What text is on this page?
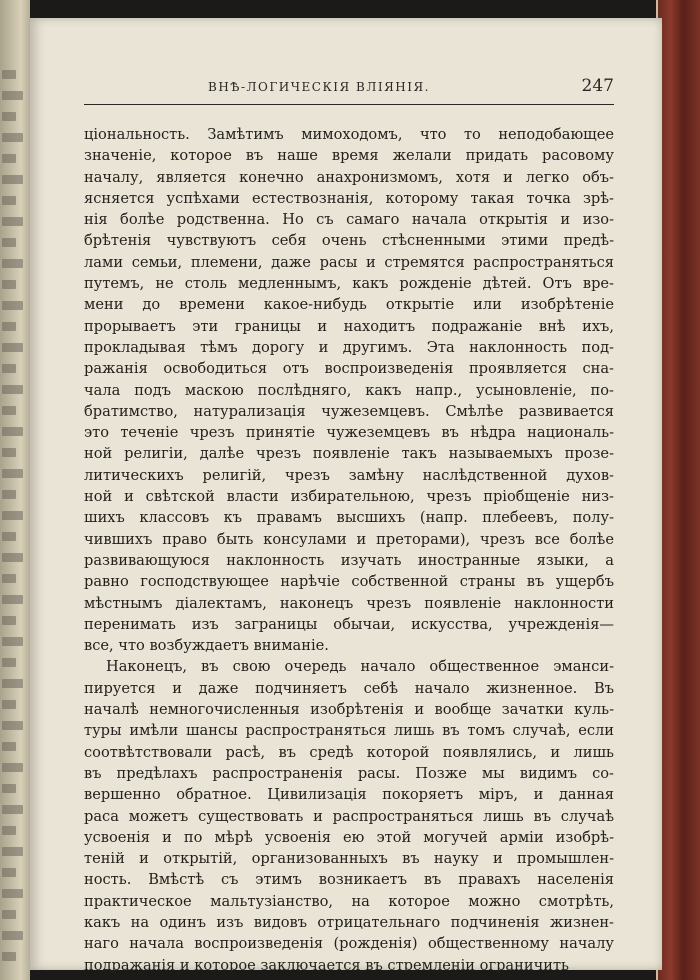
ВНѢ-ЛОГИЧЕСКІЯ ВЛІЯНІЯ.	247
ціональность. Замѣтимъ мимоходомъ, что то неподобающее
значеніе, которое въ наше время желали придать расовому
началу, является конечно анахронизмомъ, хотя и легко объ-
ясняется успѣхами естествознанія, которому такая точка зрѣ-
нія болѣе родственна. Но съ самаго начала открытія и изо-
брѣтенія чувствуютъ себя очень стѣсненными этими предѣ-
лами семьи, племени, даже расы и стремятся распространяться
путемъ, не столь медленнымъ, какъ рожденіе дѣтей. Отъ вре-
мени до времени какое-нибудь открытіе или изобрѣтеніе
прорываетъ эти границы и находитъ подражаніе внѣ ихъ,
прокладывая тѣмъ дорогу и другимъ. Эта наклонность под-
ражанія освободиться отъ воспроизведенія проявляется сна-
чала подъ маскою послѣдняго, какъ напр., усыновленіе, по-
братимство, натурализація чужеземцевъ. Смѣлѣе развивается
это теченіе чрезъ принятіе чужеземцевъ въ нѣдра националь-
ной религіи, далѣе чрезъ появленіе такъ называемыхъ прозе-
литическихъ религій, чрезъ замѣну наслѣдственной духов-
ной и свѣтской власти избирательною, чрезъ пріобщеніе низ-
шихъ классовъ къ правамъ высшихъ (напр. плебеевъ, полу-
чившихъ право быть консулами и преторами), чрезъ все болѣе
развивающуюся наклонность изучать иностранные языки, а
равно господствующее нарѣчіе собственной страны въ ущербъ
мѣстнымъ діалектамъ, наконецъ чрезъ появленіе наклонности
перенимать изъ заграницы обычаи, искусства, учрежденія—
все, что возбуждаетъ вниманіе.
Наконецъ, въ свою очередь начало общественное эманси-
пируется и даже подчиняетъ себѣ начало жизненное. Въ
началѣ немногочисленныя изобрѣтенія и вообще зачатки куль-
туры имѣли шансы распространяться лишь въ томъ случаѣ, если
соотвѣтствовали расѣ, въ средѣ которой появлялись, и лишь
въ предѣлахъ распространенія расы. Позже мы видимъ со-
вершенно обратное. Цивилизація покоряетъ міръ, и данная
раса можетъ существовать и распространяться лишь въ случаѣ
усвоенія и по мѣрѣ усвоенія ею этой могучей арміи изобрѣ-
теній и открытій, организованныхъ въ науку и промышлен-
ность. Вмѣстѣ съ этимъ возникаетъ въ правахъ населенія
практическое мальтузіанство, на которое можно смотрѣть,
какъ на одинъ изъ видовъ отрицательнаго подчиненія жизнен-
наго начала воспроизведенія (рожденія) общественному началу
подражанія и которое заключается въ стремленіи ограничить
